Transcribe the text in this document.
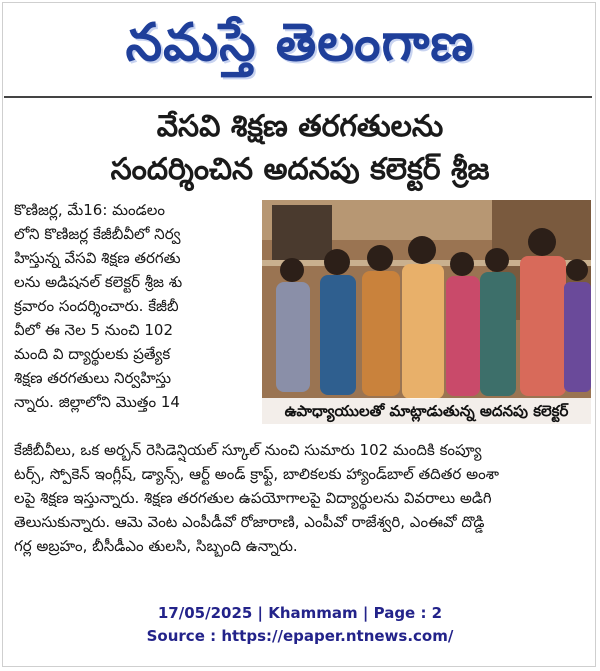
నమస్తే తెలంగాణ
వేసవి శిక్షణ తరగతులను
సందర్శించిన అదనపు కలెక్టర్ శ్రీజ

కొణిజర్ల, మే16: మండలం

లోని కొణిజర్ల కేజీబీవీలో నిర్వ

హిస్తున్న వేసవి శిక్షణ తరగతు

లను అడిషనల్ కలెక్టర్ శ్రీజ శు

క్రవారం సందర్శించారు. కేజీబీ

వీలో ఈ నెల 5 నుంచి 102

మంది వి ద్యార్థులకు ప్రత్యేక

శిక్షణ తరగతులు నిర్వహిస్తు

న్నారు. జిల్లాలోని మొత్తం 14	ఉపాధ్యాయులతో మాట్లాడుతున్న అదనపు కలెక్టర్

కేజీబీవీలు, ఒక అర్బన్ రెసిడెన్షియల్ స్కూల్ నుంచి సుమారు 102 మందికి కంప్యూ

టర్స్, స్పోకెన్ ఇంగ్లీష్, డ్యాన్స్, ఆర్ట్ అండ్ క్రాఫ్ట్, బాలికలకు హ్యాండ్‌బాల్ తదితర అంశా

లపై శిక్షణ ఇస్తున్నారు. శిక్షణ తరగతుల ఉపయోగాలపై విద్యార్థులను వివరాలు అడిగి

తెలుసుకున్నారు. ఆమె వెంట ఎంపీడీవో రోజారాణి, ఎంపీవో రాజేశ్వరి, ఎంఈవో దొడ్డి

గర్ల అబ్రహం, బీసీడీఎం తులసి, సిబ్బంది ఉన్నారు.

17/05/2025 | Khammam | Page : 2
Source : https://epaper.ntnews.com/
